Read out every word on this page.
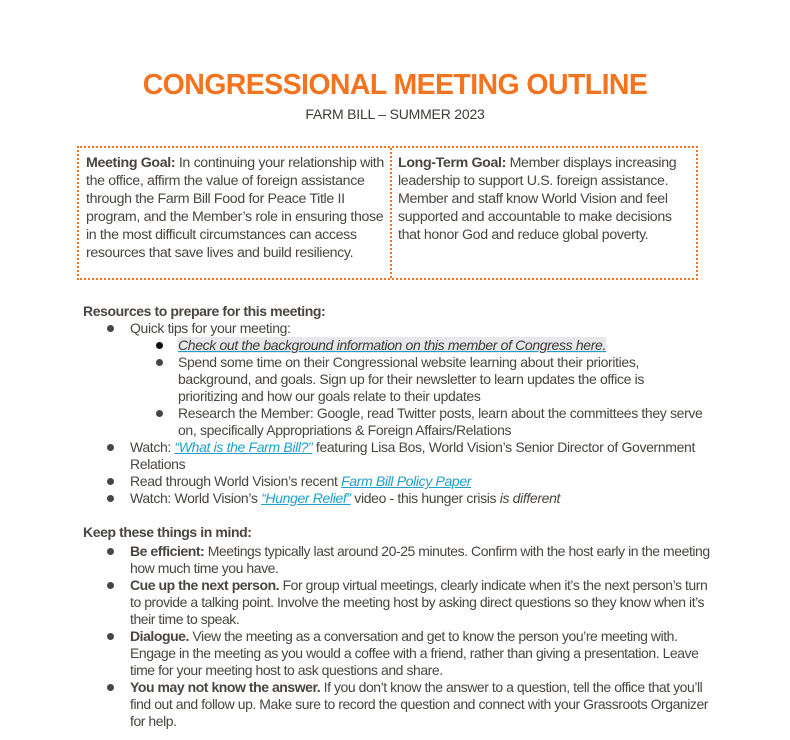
CONGRESSIONAL MEETING OUTLINE
FARM BILL – SUMMER 2023
Meeting Goal: In continuing your relationship with the office, affirm the value of foreign assistance through the Farm Bill Food for Peace Title II program, and the Member’s role in ensuring those in the most difficult circumstances can access resources that save lives and build resiliency.
Long-Term Goal: Member displays increasing leadership to support U.S. foreign assistance. Member and staff know World Vision and feel supported and accountable to make decisions that honor God and reduce global poverty.
Resources to prepare for this meeting:
Quick tips for your meeting:
Check out the background information on this member of Congress here.
Spend some time on their Congressional website learning about their priorities, background, and goals. Sign up for their newsletter to learn updates the office is prioritizing and how our goals relate to their updates
Research the Member: Google, read Twitter posts, learn about the committees they serve on, specifically Appropriations & Foreign Affairs/Relations
Watch: “What is the Farm Bill?” featuring Lisa Bos, World Vision’s Senior Director of Government Relations
Read through World Vision’s recent Farm Bill Policy Paper
Watch: World Vision’s “Hunger Relief” video - this hunger crisis is different
Keep these things in mind:
Be efficient: Meetings typically last around 20-25 minutes. Confirm with the host early in the meeting how much time you have.
Cue up the next person. For group virtual meetings, clearly indicate when it’s the next person’s turn to provide a talking point. Involve the meeting host by asking direct questions so they know when it’s their time to speak.
Dialogue. View the meeting as a conversation and get to know the person you’re meeting with. Engage in the meeting as you would a coffee with a friend, rather than giving a presentation. Leave time for your meeting host to ask questions and share.
You may not know the answer. If you don’t know the answer to a question, tell the office that you’ll find out and follow up. Make sure to record the question and connect with your Grassroots Organizer for help.
